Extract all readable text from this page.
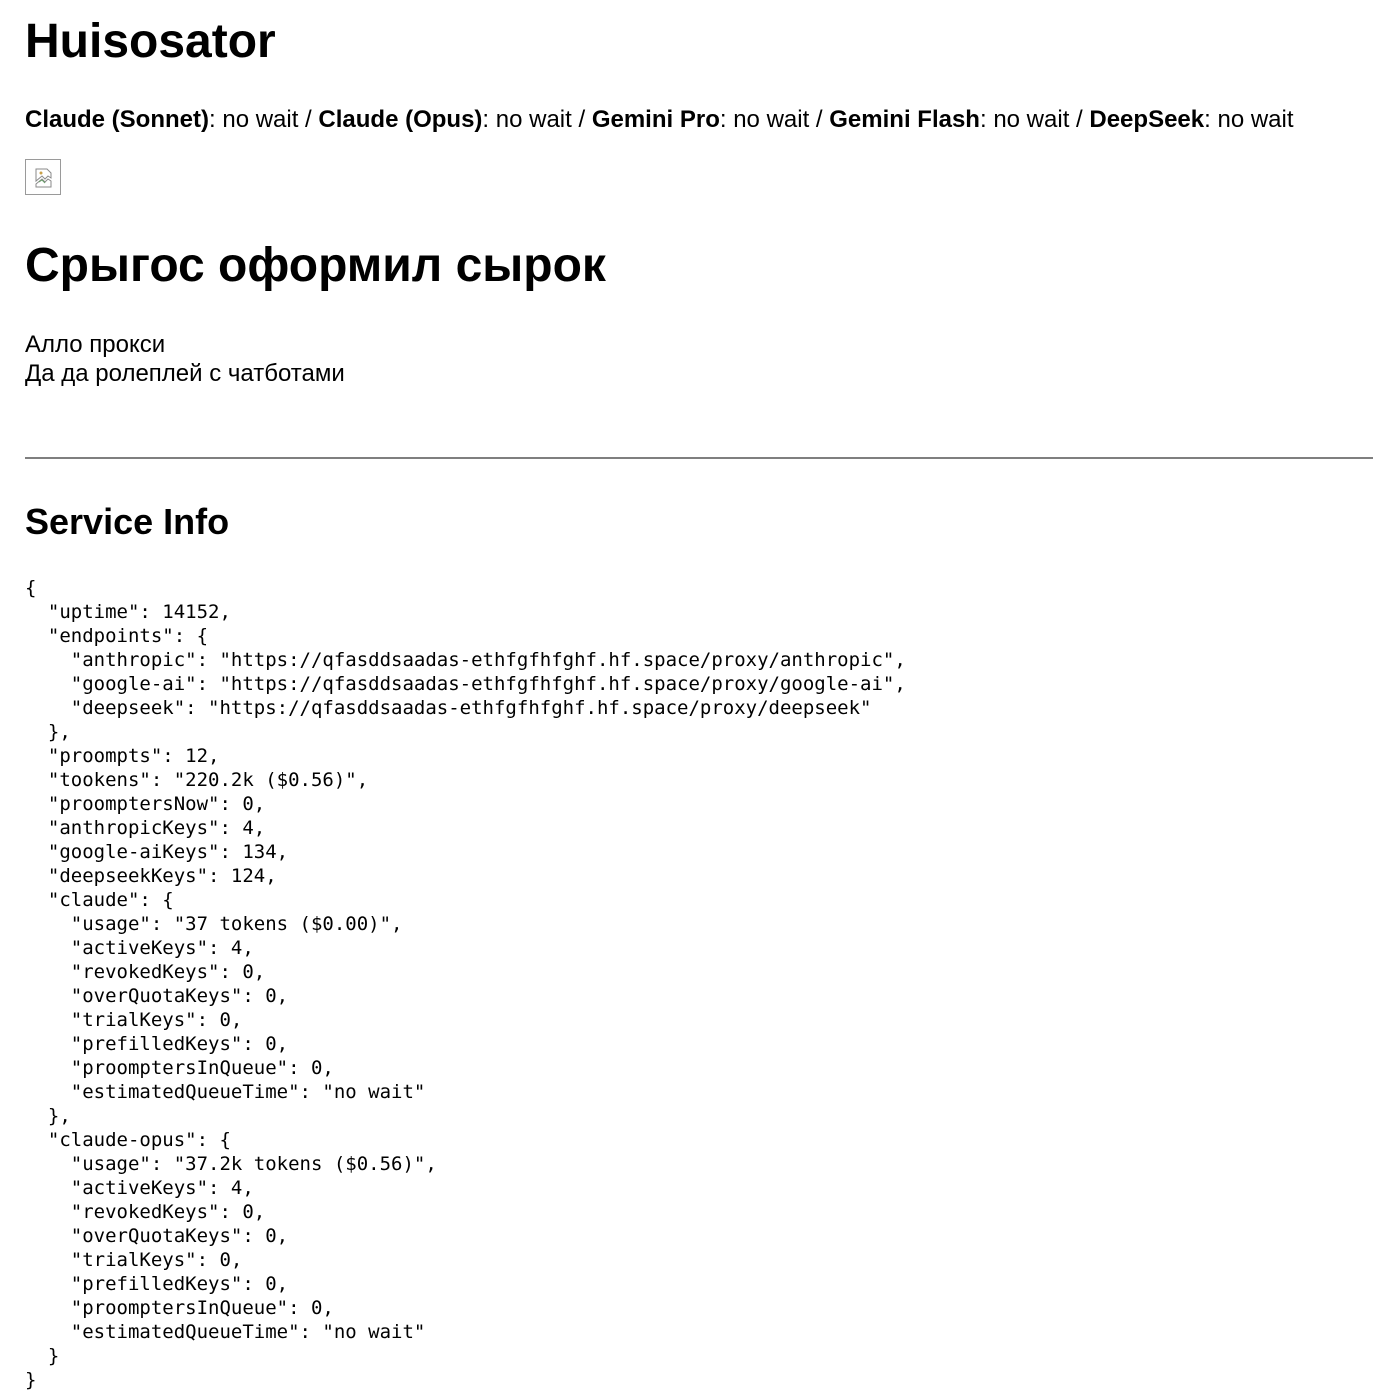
Huisosator

Claude (Sonnet): no wait / Claude (Opus): no wait / Gemini Pro: no wait / Gemini Flash: no wait / DeepSeek: no wait

Срыгос оформил сырок
Алло прокси
Да да ролеплей с чатботами
Service Info
{
"uptime": 14152,
"endpoints": {
"anthropic": "https://qfasddsaadas-ethfgfhfghf.hf.space/proxy/anthropic",
"google-ai": "https://qfasddsaadas-ethfgfhfghf.hf.space/proxy/google-ai",
"deepseek": "https://qfasddsaadas-ethfgfhfghf.hf.space/proxy/deepseek"
},
"proompts": 12,
"tookens": "220.2k ($0.56)",
"proomptersNow": 0,
"anthropicKeys": 4,
"google-aiKeys": 134,
"deepseekKeys": 124,
"claude": {
"usage": "37 tokens ($0.00)",
"activeKeys": 4,
"revokedKeys": 0,
"overQuotaKeys": 0,
"trialKeys": 0,
"prefilledKeys": 0,
"proomptersInQueue": 0,
"estimatedQueueTime": "no wait"
},
"claude-opus": {
"usage": "37.2k tokens ($0.56)",
"activeKeys": 4,
"revokedKeys": 0,
"overQuotaKeys": 0,
"trialKeys": 0,
"prefilledKeys": 0,
"proomptersInQueue": 0,
"estimatedQueueTime": "no wait"
}
}
